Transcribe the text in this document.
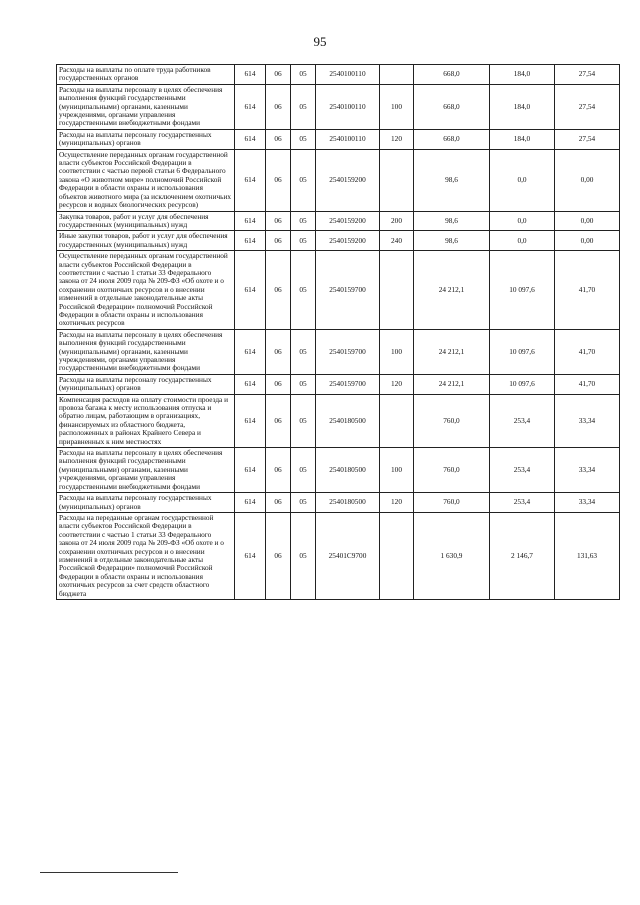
95
Расходы на выплаты по оплате труда работников государственных органов	614	06	05	2540100110		668,0	184,0	27,54
Расходы на выплаты персоналу в целях обеспечения выполнения функций государственными (муниципальными) органами, казенными учреждениями, органами управления государственными внебюджетными фондами	614	06	05	2540100110	100	668,0	184,0	27,54
Расходы на выплаты персоналу государственных (муниципальных) органов	614	06	05	2540100110	120	668,0	184,0	27,54
Осуществление переданных органам государственной власти субъектов Российской Федерации в соответствии с частью первой статьи 6 Федерального закона «О животном мире» полномочий Российской Федерации в области охраны и использования объектов животного мира (за исключением охотничьих ресурсов и водных биологических ресурсов)	614	06	05	2540159200		98,6	0,0	0,00
Закупка товаров, работ и услуг для обеспечения государственных (муниципальных) нужд	614	06	05	2540159200	200	98,6	0,0	0,00
Иные закупки товаров, работ и услуг для обеспечения государственных (муниципальных) нужд	614	06	05	2540159200	240	98,6	0,0	0,00
Осуществление переданных органам государственной власти субъектов Российской Федерации в соответствии с частью 1 статьи 33 Федерального закона от 24 июля 2009 года № 209-ФЗ «Об охоте и о сохранении охотничьих ресурсов и о внесении изменений в отдельные законодательные акты Российской Федерации» полномочий Российской Федерации в области охраны и использования охотничьих ресурсов	614	06	05	2540159700		24 212,1	10 097,6	41,70
Расходы на выплаты персоналу в целях обеспечения выполнения функций государственными (муниципальными) органами, казенными учреждениями, органами управления государственными внебюджетными фондами	614	06	05	2540159700	100	24 212,1	10 097,6	41,70
Расходы на выплаты персоналу государственных (муниципальных) органов	614	06	05	2540159700	120	24 212,1	10 097,6	41,70
Компенсация расходов на оплату стоимости проезда и провоза багажа к месту использования отпуска и обратно лицам, работающим в организациях, финансируемых из областного бюджета, расположенных в районах Крайнего Севера и приравненных к ним местностях	614	06	05	2540180500		760,0	253,4	33,34
Расходы на выплаты персоналу в целях обеспечения выполнения функций государственными (муниципальными) органами, казенными учреждениями, органами управления государственными внебюджетными фондами	614	06	05	2540180500	100	760,0	253,4	33,34
Расходы на выплаты персоналу государственных (муниципальных) органов	614	06	05	2540180500	120	760,0	253,4	33,34
Расходы на переданные органам государственной власти субъектов Российской Федерации в соответствии с частью 1 статьи 33 Федерального закона от 24 июля 2009 года № 209-ФЗ «Об охоте и о сохранении охотничьих ресурсов и о внесении изменений в отдельные законодательные акты Российской Федерации» полномочий Российской Федерации в области охраны и использования охотничьих ресурсов за счет средств областного бюджета	614	06	05	25401С9700		1 630,9	2 146,7	131,63
